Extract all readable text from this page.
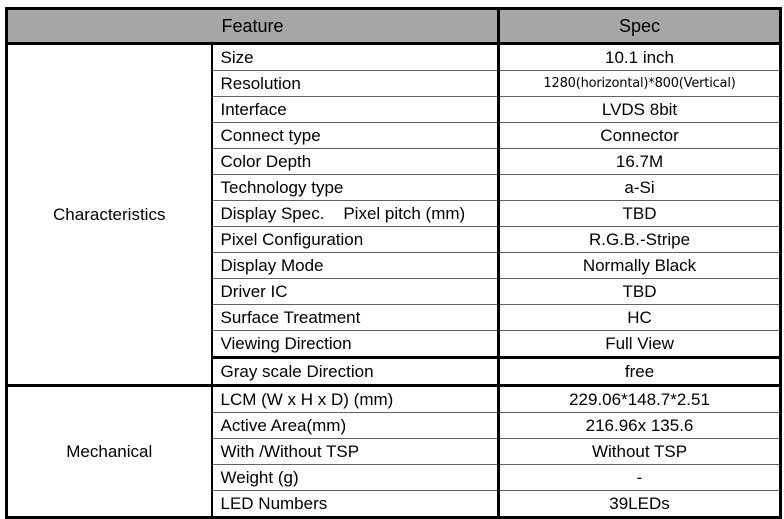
Feature		Spec
Characteristics	Size	10.1 inch
	Resolution	1280(horizontal)*800(Vertical)
	Interface	LVDS 8bit
	Connect type	Connector
	Color Depth	16.7M
	Technology type	a-Si
	Display Spec.    Pixel pitch (mm)	TBD
	Pixel Configuration	R.G.B.-Stripe
	Display Mode	Normally Black
	Driver IC	TBD
	Surface Treatment	HC
	Viewing Direction	Full View
	Gray scale Direction	free
Mechanical	LCM (W x H x D) (mm)	229.06*148.7*2.51
	Active Area(mm)	216.96x 135.6
	With /Without TSP	Without TSP
	Weight (g)	-
	LED Numbers	39LEDs
